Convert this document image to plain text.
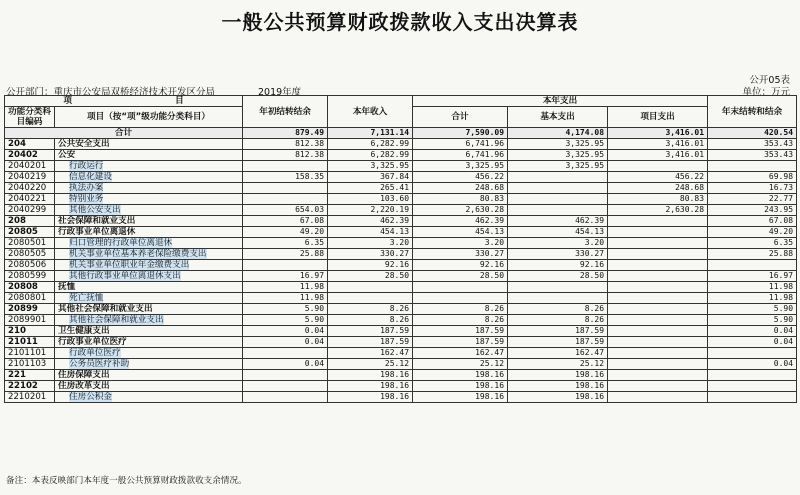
一般公共预算财政拨款收入支出决算表
公开05表
公开部门：重庆市公安局双桥经济技术开发区分局	2019年度	单位：万元
项　　　　　　　　　　　　 目		年初结转结余	本年收入	本年支出			年末结转和结余
功能分类科目编码	项目（按“项”级功能分类科目）			合计	基本支出	项目支出	
合计		879.49	7,131.14	7,590.09	4,174.08	3,416.01	420.54
204	公共安全支出	812.38	6,282.99	6,741.96	3,325.95	3,416.01	353.43
20402	公安	812.38	6,282.99	6,741.96	3,325.95	3,416.01	353.43
2040201	行政运行		3,325.95	3,325.95	3,325.95		
2040219	信息化建设	158.35	367.84	456.22		456.22	69.98
2040220	执法办案		265.41	248.68		248.68	16.73
2040221	特别业务		103.60	80.83		80.83	22.77
2040299	其他公安支出	654.03	2,220.19	2,630.28		2,630.28	243.95
208	社会保障和就业支出	67.08	462.39	462.39	462.39		67.08
20805	行政事业单位离退休	49.20	454.13	454.13	454.13		49.20
2080501	归口管理的行政单位离退休	6.35	3.20	3.20	3.20		6.35
2080505	机关事业单位基本养老保险缴费支出	25.88	330.27	330.27	330.27		25.88
2080506	机关事业单位职业年金缴费支出		92.16	92.16	92.16		
2080599	其他行政事业单位离退休支出	16.97	28.50	28.50	28.50		16.97
20808	抚恤	11.98					11.98
2080801	死亡抚恤	11.98					11.98
20899	其他社会保障和就业支出	5.90	8.26	8.26	8.26		5.90
2089901	其他社会保障和就业支出	5.90	8.26	8.26	8.26		5.90
210	卫生健康支出	0.04	187.59	187.59	187.59		0.04
21011	行政事业单位医疗	0.04	187.59	187.59	187.59		0.04
2101101	行政单位医疗		162.47	162.47	162.47		
2101103	公务员医疗补助	0.04	25.12	25.12	25.12		0.04
221	住房保障支出		198.16	198.16	198.16		
22102	住房改革支出		198.16	198.16	198.16		
2210201	住房公积金		198.16	198.16	198.16		
备注：本表反映部门本年度一般公共预算财政拨款收支余情况。
